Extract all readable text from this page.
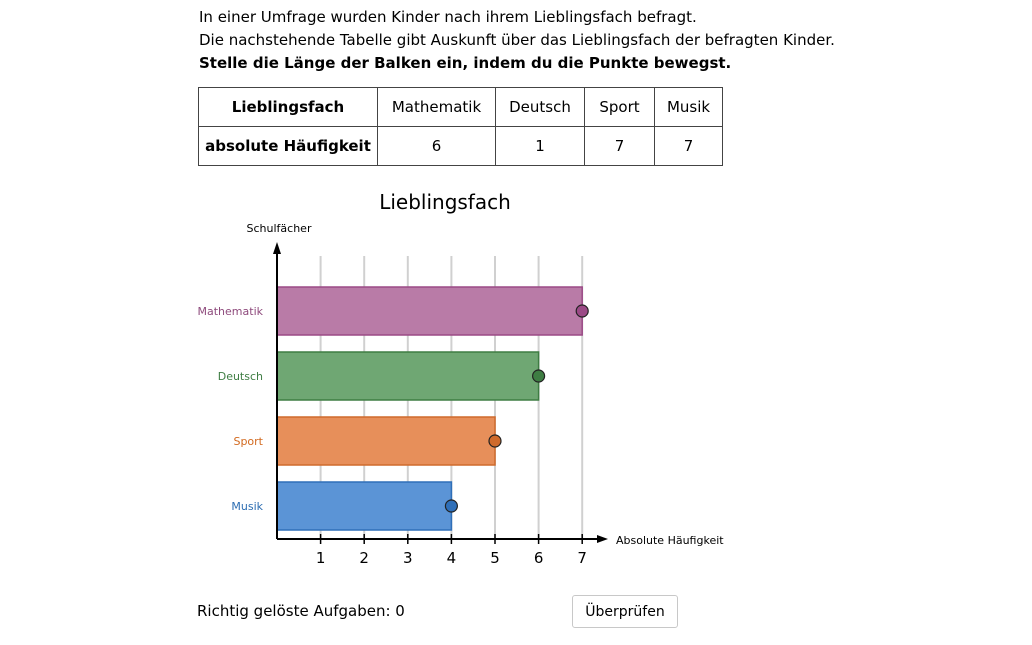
In einer Umfrage wurden Kinder nach ihrem Lieblingsfach befragt.

Die nachstehende Tabelle gibt Auskunft über das Lieblingsfach der befragten Kinder.

Stelle die Länge der Balken ein, indem du die Punkte bewegst.

Lieblingsfach	Mathematik	Deutsch	Sport	Musik
absolute Häufigkeit	6	1	7	7
1 2 3 4 5 6 7
Mathematik
Deutsch
Sport
Musik
Lieblingsfach
Schulfächer
Absolute Häufigkeit
Richtig gelöste Aufgaben: 0	Überprüfen
